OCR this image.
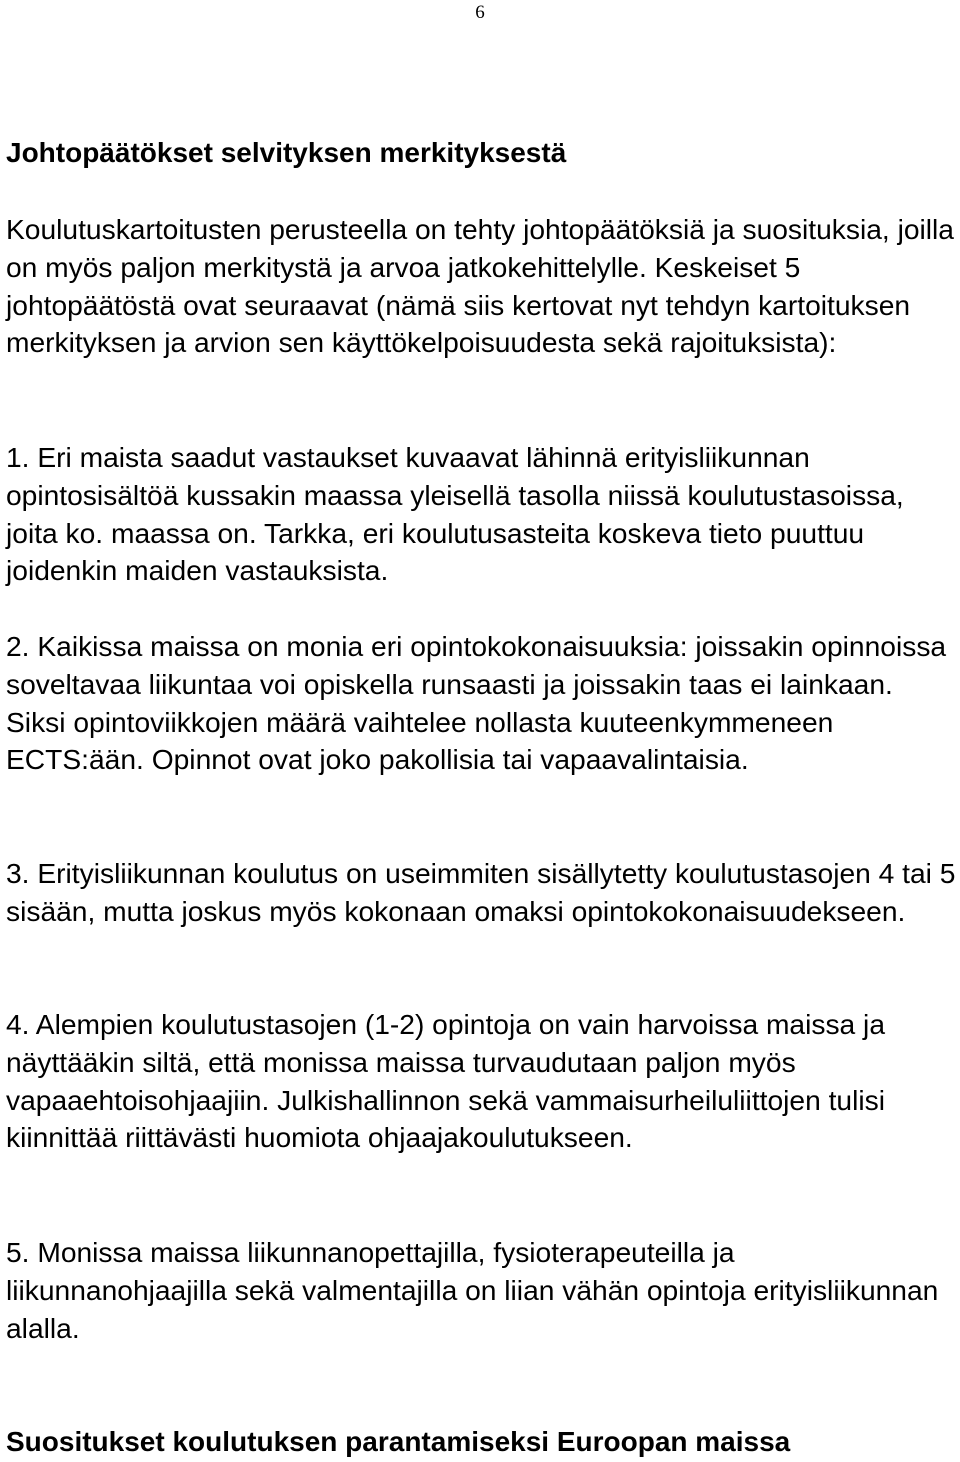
6
Johtopäätökset selvityksen merkityksestä

Koulutuskartoitusten perusteella on tehty johtopäätöksiä ja suosituksia, joilla on myös paljon merkitystä ja arvoa jatkokehittelylle. Keskeiset 5 johtopäätöstä ovat seuraavat (nämä siis kertovat nyt tehdyn kartoituksen merkityksen ja arvion sen käyttökelpoisuudesta sekä rajoituksista):

1. Eri maista saadut vastaukset kuvaavat lähinnä erityisliikunnan opintosisältöä kussakin maassa yleisellä tasolla niissä koulutustasoissa, joita ko. maassa on. Tarkka, eri koulutusasteita koskeva tieto puuttuu joidenkin maiden vastauksista.

2. Kaikissa maissa on monia eri opintokokonaisuuksia: joissakin opinnoissa soveltavaa liikuntaa voi opiskella runsaasti ja joissakin taas ei lainkaan. Siksi opintoviikkojen määrä vaihtelee nollasta kuuteenkymmeneen ECTS:ään. Opinnot ovat joko pakollisia tai vapaavalintaisia.

3. Erityisliikunnan koulutus on useimmiten sisällytetty koulutustasojen 4 tai 5 sisään, mutta joskus myös kokonaan omaksi opintokokonaisuudekseen.

4. Alempien koulutustasojen (1-2) opintoja on vain harvoissa maissa ja näyttääkin siltä, että monissa maissa turvaudutaan paljon myös vapaaehtoisohjaajiin. Julkishallinnon sekä vammaisurheiluliittojen tulisi kiinnittää riittävästi huomiota ohjaajakoulutukseen.

5. Monissa maissa liikunnanopettajilla, fysioterapeuteilla ja liikunnanohjaajilla sekä valmentajilla on liian vähän opintoja erityisliikunnan alalla.

Suositukset koulutuksen parantamiseksi Euroopan maissa
